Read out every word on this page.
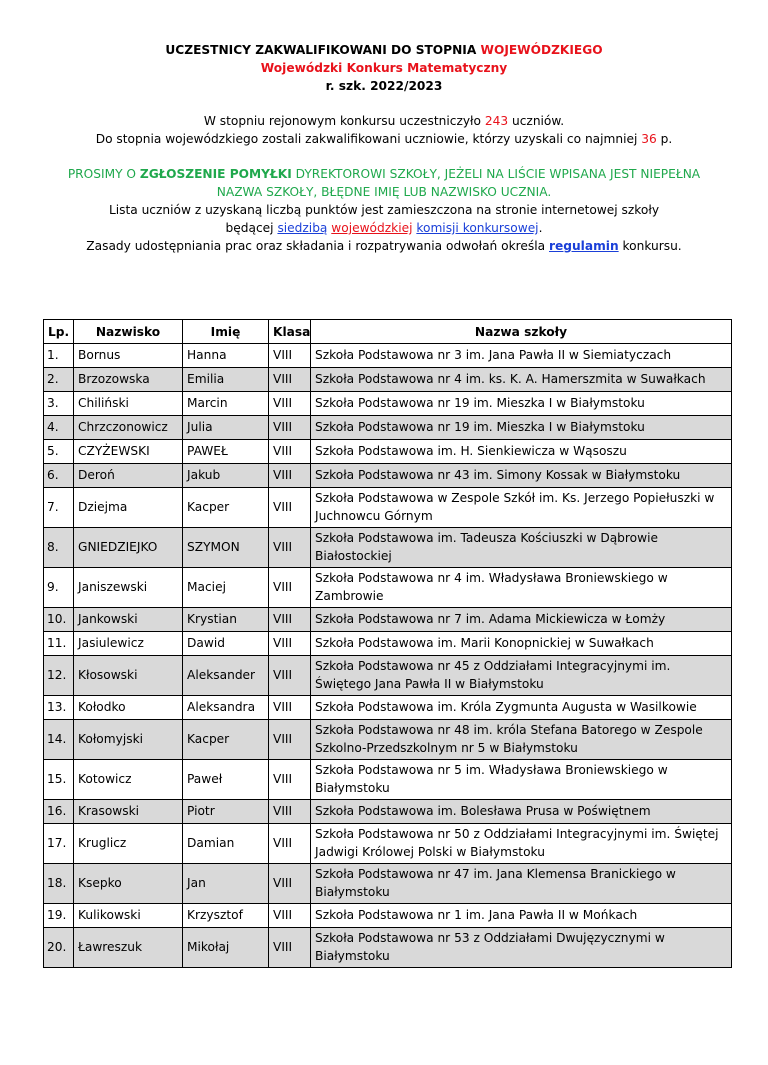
UCZESTNICY ZAKWALIFIKOWANI DO STOPNIA WOJEWÓDZKIEGO
Wojewódzki Konkurs Matematyczny
r. szk. 2022/2023
W stopniu rejonowym konkursu uczestniczyło 243 uczniów.
Do stopnia wojewódzkiego zostali zakwalifikowani uczniowie, którzy uzyskali co najmniej 36 p.
PROSIMY O ZGŁOSZENIE POMYŁKI DYREKTOROWI SZKOŁY, JEŻELI NA LIŚCIE WPISANA JEST NIEPEŁNA
NAZWA SZKOŁY, BŁĘDNE IMIĘ LUB NAZWISKO UCZNIA.
Lista uczniów z uzyskaną liczbą punktów jest zamieszczona na stronie internetowej szkoły
będącej siedzibą wojewódzkiej komisji konkursowej.
Zasady udostępniania prac oraz składania i rozpatrywania odwołań określa regulamin konkursu.
Lp.	Nazwisko	Imię	Klasa	Nazwa szkoły
1.	Bornus	Hanna	VIII	Szkoła Podstawowa nr 3 im. Jana Pawła II w Siemiatyczach
2.	Brzozowska	Emilia	VIII	Szkoła Podstawowa nr 4 im. ks. K. A. Hamerszmita w Suwałkach
3.	Chiliński	Marcin	VIII	Szkoła Podstawowa nr 19 im. Mieszka I w Białymstoku
4.	Chrzczonowicz	Julia	VIII	Szkoła Podstawowa nr 19 im. Mieszka I w Białymstoku
5.	CZYŻEWSKI	PAWEŁ	VIII	Szkoła Podstawowa im. H. Sienkiewicza w Wąsoszu
6.	Deroń	Jakub	VIII	Szkoła Podstawowa nr 43 im. Simony Kossak w Białymstoku
7.	Dziejma	Kacper	VIII	Szkoła Podstawowa w Zespole Szkół im. Ks. Jerzego Popiełuszki w Juchnowcu Górnym
8.	GNIEDZIEJKO	SZYMON	VIII	Szkoła Podstawowa im. Tadeusza Kościuszki w Dąbrowie Białostockiej
9.	Janiszewski	Maciej	VIII	Szkoła Podstawowa nr 4 im. Władysława Broniewskiego w Zambrowie
10.	Jankowski	Krystian	VIII	Szkoła Podstawowa nr 7 im. Adama Mickiewicza w Łomży
11.	Jasiulewicz	Dawid	VIII	Szkoła Podstawowa im. Marii Konopnickiej w Suwałkach
12.	Kłosowski	Aleksander	VIII	Szkoła Podstawowa nr 45 z Oddziałami Integracyjnymi im. Świętego Jana Pawła II w Białymstoku
13.	Kołodko	Aleksandra	VIII	Szkoła Podstawowa im. Króla Zygmunta Augusta w Wasilkowie
14.	Kołomyjski	Kacper	VIII	Szkoła Podstawowa nr 48 im. króla Stefana Batorego w Zespole Szkolno-Przedszkolnym nr 5 w Białymstoku
15.	Kotowicz	Paweł	VIII	Szkoła Podstawowa nr 5 im. Władysława Broniewskiego w Białymstoku
16.	Krasowski	Piotr	VIII	Szkoła Podstawowa im. Bolesława Prusa w Poświętnem
17.	Kruglicz	Damian	VIII	Szkoła Podstawowa nr 50 z Oddziałami Integracyjnymi im. Świętej Jadwigi Królowej Polski w Białymstoku
18.	Ksepko	Jan	VIII	Szkoła Podstawowa nr 47 im. Jana Klemensa Branickiego w Białymstoku
19.	Kulikowski	Krzysztof	VIII	Szkoła Podstawowa nr 1 im. Jana Pawła II w Mońkach
20.	Ławreszuk	Mikołaj	VIII	Szkoła Podstawowa nr 53 z Oddziałami Dwujęzycznymi w Białymstoku
